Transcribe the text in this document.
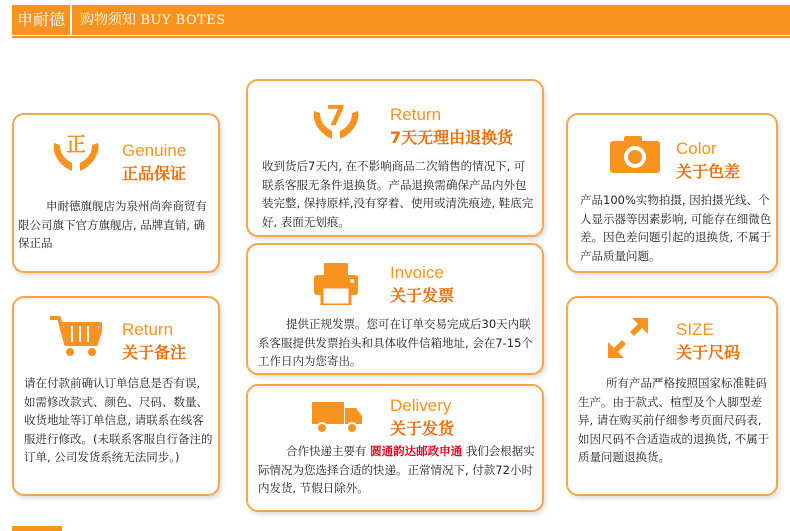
申耐德	购物须知 BUY BOTES
正 Genuine
正品保证
申耐德旗舰店为泉州尚奔商贸有限公司旗下官方旗舰店, 品牌直销, 确保正品
7	Return
7天无理由退换货
收到货后7天内, 在不影响商品二次销售的情况下, 可联系客服无条件退换货。产品退换需确保产品内外包装完整, 保持原样,没有穿着、使用或清洗痕迹, 鞋底完好, 表面无划痕。
Color
关于色差
产品100%实物拍摄, 因拍摄光线、个人显示器等因素影响, 可能存在细微色差。因色差问题引起的退换货, 不属于产品质量问题。
Invoice
关于发票
提供正规发票。您可在订单交易完成后30天内联系客服提供发票抬头和具体收件信箱地址, 会在7-15个工作日内为您寄出。
Return
关于备注
请在付款前确认订单信息是否有误, 如需修改款式、颜色、尺码、数量、收货地址等订单信息, 请联系在线客服进行修改。(未联系客服自行备注的订单, 公司发货系统无法同步。)
SIZE
关于尺码
所有产品严格按照国家标准鞋码生产。由于款式、楦型及个人脚型差异, 请在购买前仔细参考页面尺码表, 如因尺码不合适造成的退换货, 不属于质量问题退换货。
Delivery
关于发货
合作快递主要有 圆通韵达邮政申通 我们会根据实际情况为您选择合适的快递。正常情况下, 付款72小时内发货, 节假日除外。
